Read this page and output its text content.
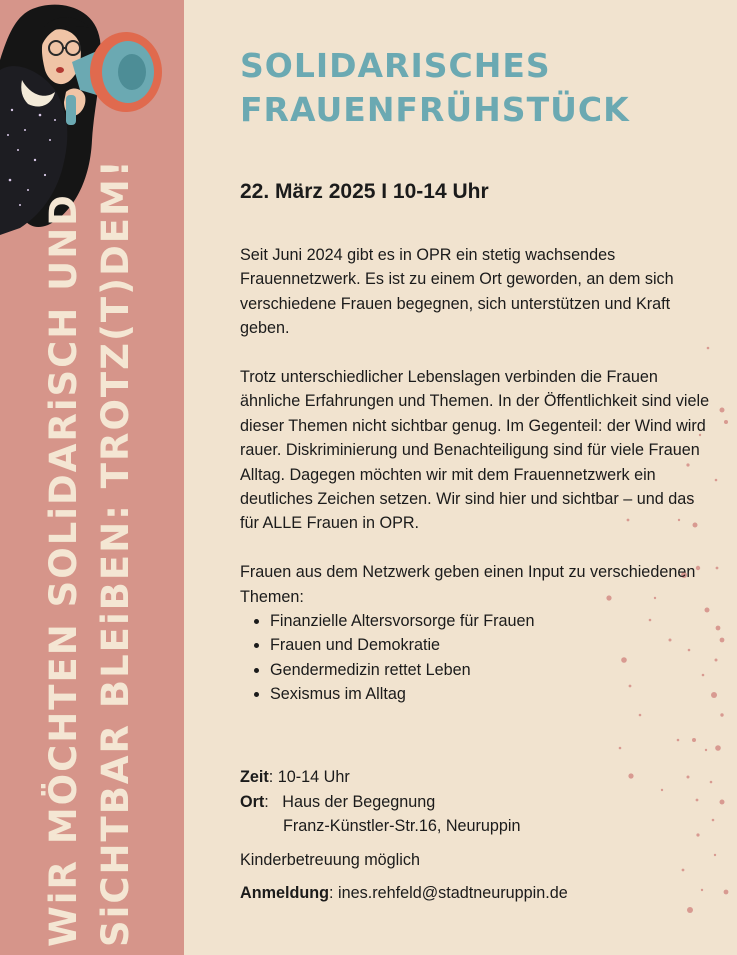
WiR MÖCHTEN SOLiDARiSCH UND SiCHTBAR BLEiBEN: TROTZ(T)DEM!
SOLIDARISCHES
FRAUENFRÜHSTÜCK
22. März 2025 I 10-14 Uhr

Seit Juni 2024 gibt es in OPR ein stetig wachsendes Frauennetzwerk. Es ist zu einem Ort geworden, an dem sich verschiedene Frauen begegnen, sich unterstützen und Kraft geben.

Trotz unterschiedlicher Lebenslagen verbinden die Frauen ähnliche Erfahrungen und Themen. In der Öffentlichkeit sind viele dieser Themen nicht sichtbar genug. Im Gegenteil: der Wind wird rauer. Diskriminierung und Benachteiligung sind für viele Frauen Alltag. Dagegen möchten wir mit dem Frauennetzwerk ein deutliches Zeichen setzen. Wir sind hier und sichtbar – und das für ALLE Frauen in OPR.

Frauen aus dem Netzwerk geben einen Input zu verschiedenen Themen:
• Finanzielle Altersvorsorge für Frauen
• Frauen und Demokratie
• Gendermedizin rettet Leben
• Sexismus im Alltag
Zeit: 10-14 Uhr
Ort:   Haus der Begegnung
Franz-Künstler-Str.16, Neuruppin
Kinderbetreuung möglich
Anmeldung: ines.rehfeld@stadtneuruppin.de
